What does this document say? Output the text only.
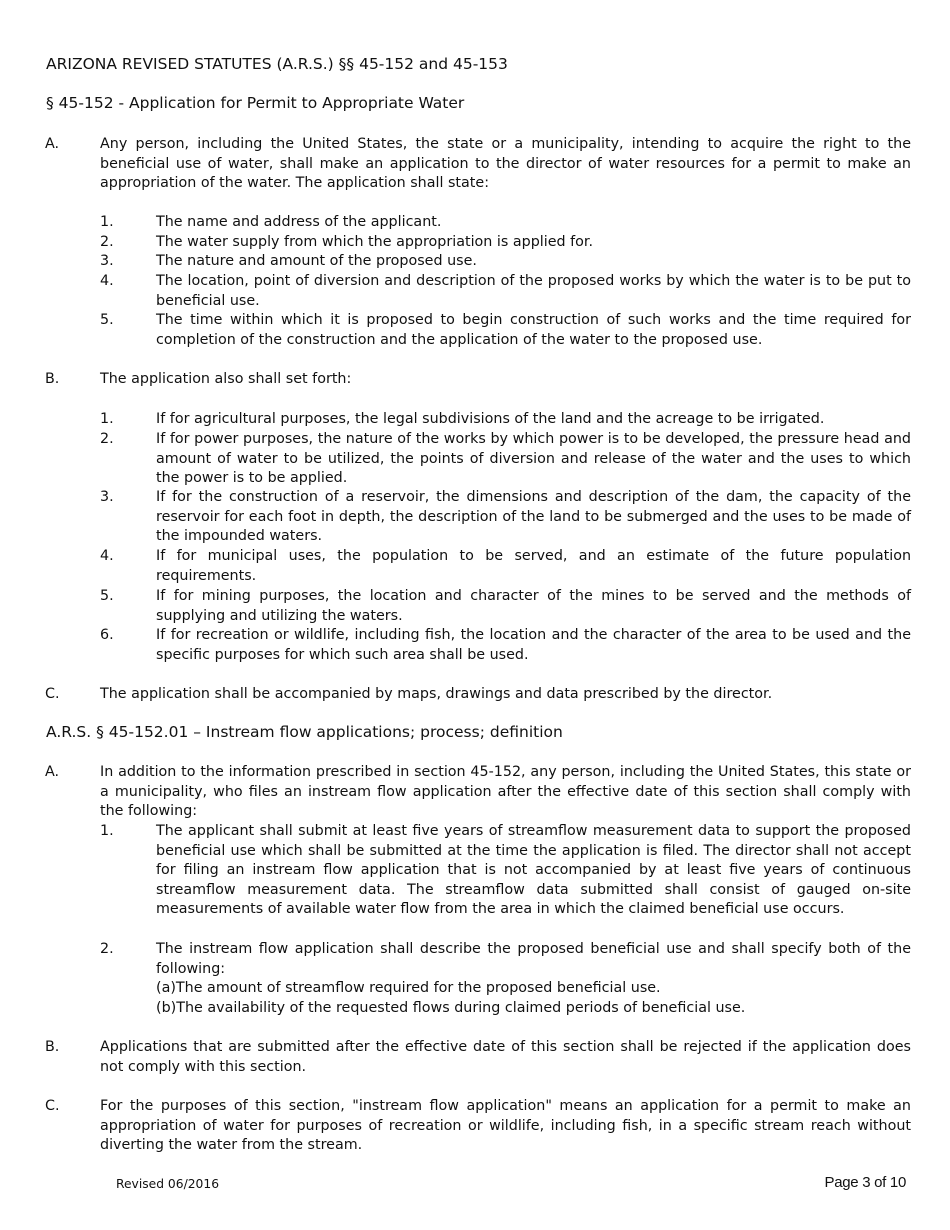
ARIZONA REVISED STATUTES (A.R.S.) §§ 45-152 and 45-153
§ 45-152 - Application for Permit to Appropriate Water
A.	Any person, including the United States, the state or a municipality, intending to acquire the right to the beneficial use of water, shall make an application to the director of water resources for a permit to make an appropriation of the water. The application shall state:
1.	The name and address of the applicant.
2.	The water supply from which the appropriation is applied for.
3.	The nature and amount of the proposed use.
4.	The location, point of diversion and description of the proposed works by which the water is to be put to beneficial use.
5.	The time within which it is proposed to begin construction of such works and the time required for completion of the construction and the application of the water to the proposed use.
B.	The application also shall set forth:
1.	If for agricultural purposes, the legal subdivisions of the land and the acreage to be irrigated.
2.	If for power purposes, the nature of the works by which power is to be developed, the pressure head and amount of water to be utilized, the points of diversion and release of the water and the uses to which the power is to be applied.
3.	If for the construction of a reservoir, the dimensions and description of the dam, the capacity of the reservoir for each foot in depth, the description of the land to be submerged and the uses to be made of the impounded waters.
4.	If for municipal uses, the population to be served, and an estimate of the future population requirements.
5.	If for mining purposes, the location and character of the mines to be served and the methods of supplying and utilizing the waters.
6.	If for recreation or wildlife, including fish, the location and the character of the area to be used and the specific purposes for which such area shall be used.
C.	The application shall be accompanied by maps, drawings and data prescribed by the director.
A.R.S. § 45-152.01 – Instream flow applications; process; definition
A.	In addition to the information prescribed in section 45-152, any person, including the United States, this state or a municipality, who files an instream flow application after the effective date of this section shall comply with the following:
1.	The applicant shall submit at least five years of streamflow measurement data to support the proposed beneficial use which shall be submitted at the time the application is filed. The director shall not accept for filing an instream flow application that is not accompanied by at least five years of continuous streamflow measurement data. The streamflow data submitted shall consist of gauged on-site measurements of available water flow from the area in which the claimed beneficial use occurs.
2.	The instream flow application shall describe the proposed beneficial use and shall specify both of the following:
(a)The amount of streamflow required for the proposed beneficial use.
(b)The availability of the requested flows during claimed periods of beneficial use.
B.	Applications that are submitted after the effective date of this section shall be rejected if the application does not comply with this section.
C.	For the purposes of this section, "instream flow application" means an application for a permit to make an appropriation of water for purposes of recreation or wildlife, including fish, in a specific stream reach without diverting the water from the stream.
Revised 06/2016	Page 3 of 10
